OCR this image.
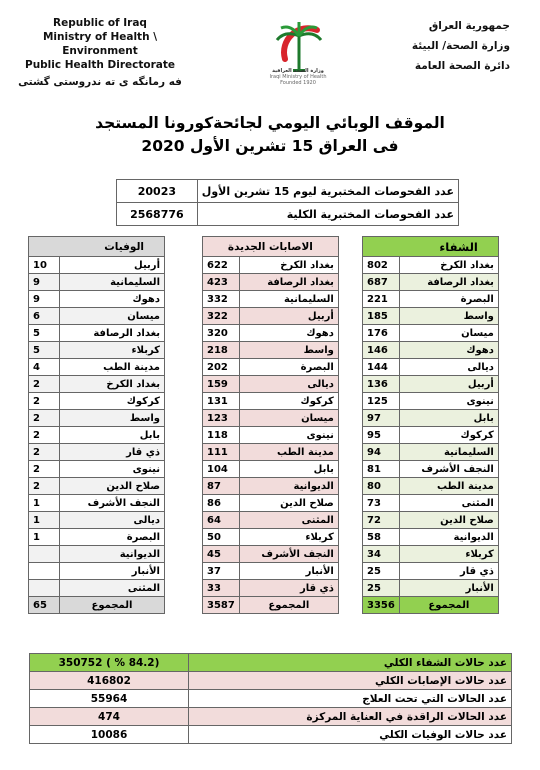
Republic of Iraq
Ministry of Health \ Environment
Public Health Directorate
فه رمانگه ى ته ندروستى گشتى
وزارة الصحة العراقية
Iraqi Ministry of Health
Founded 1920
جمهورية العراق
وزارة الصحة/ البيئة
دائرة الصحة العامة
الموقف الوبائي اليومي لجائحةكورونا المستجد
فى العراق 15 تشرين الأول 2020
20023	عدد الفحوصات المختبرية ليوم 15 تشرين الأول
2568776	عدد الفحوصات المختبرية الكلية
الوفيات	
10	أربيل
9	السليمانية
9	دهوك
6	ميسان
5	بغداد الرصافة
5	كربلاء
4	مدينة الطب
2	بغداد الكرخ
2	كركوك
2	واسط
2	بابل
2	ذي قار
2	نينوى
2	صلاح الدين
1	النجف الأشرف
1	ديالى
1	البصرة
	الديوانية
	الأنبار
	المثنى
65	المجموع
الاصابات الجديدة	
622	بغداد الكرخ
423	بغداد الرصافة
332	السليمانية
322	أربيل
320	دهوك
218	واسط
202	البصرة
159	ديالى
131	كركوك
123	ميسان
118	نينوى
111	مدينة الطب
104	بابل
87	الديوانية
86	صلاح الدين
64	المثنى
50	كربلاء
45	النجف الأشرف
37	الأنبار
33	ذي قار
3587	المجموع
الشفاء	
802	بغداد الكرخ
687	بغداد الرصافة
221	البصرة
185	واسط
176	ميسان
146	دهوك
144	ديالى
136	أربيل
125	نينوى
97	بابل
95	كركوك
94	السليمانية
81	النجف الأشرف
80	مدينة الطب
73	المثنى
72	صلاح الدين
58	الديوانية
34	كربلاء
25	ذي قار
25	الأنبار
3356	المجموع
350752 ( % 84.2)	عدد حالات الشفاء الكلي
416802	عدد حالات الإصابات الكلي
55964	عدد الحالات التي تحت العلاج
474	عدد الحالات الراقدة في العناية المركزة
10086	عدد حالات الوفيات الكلي
